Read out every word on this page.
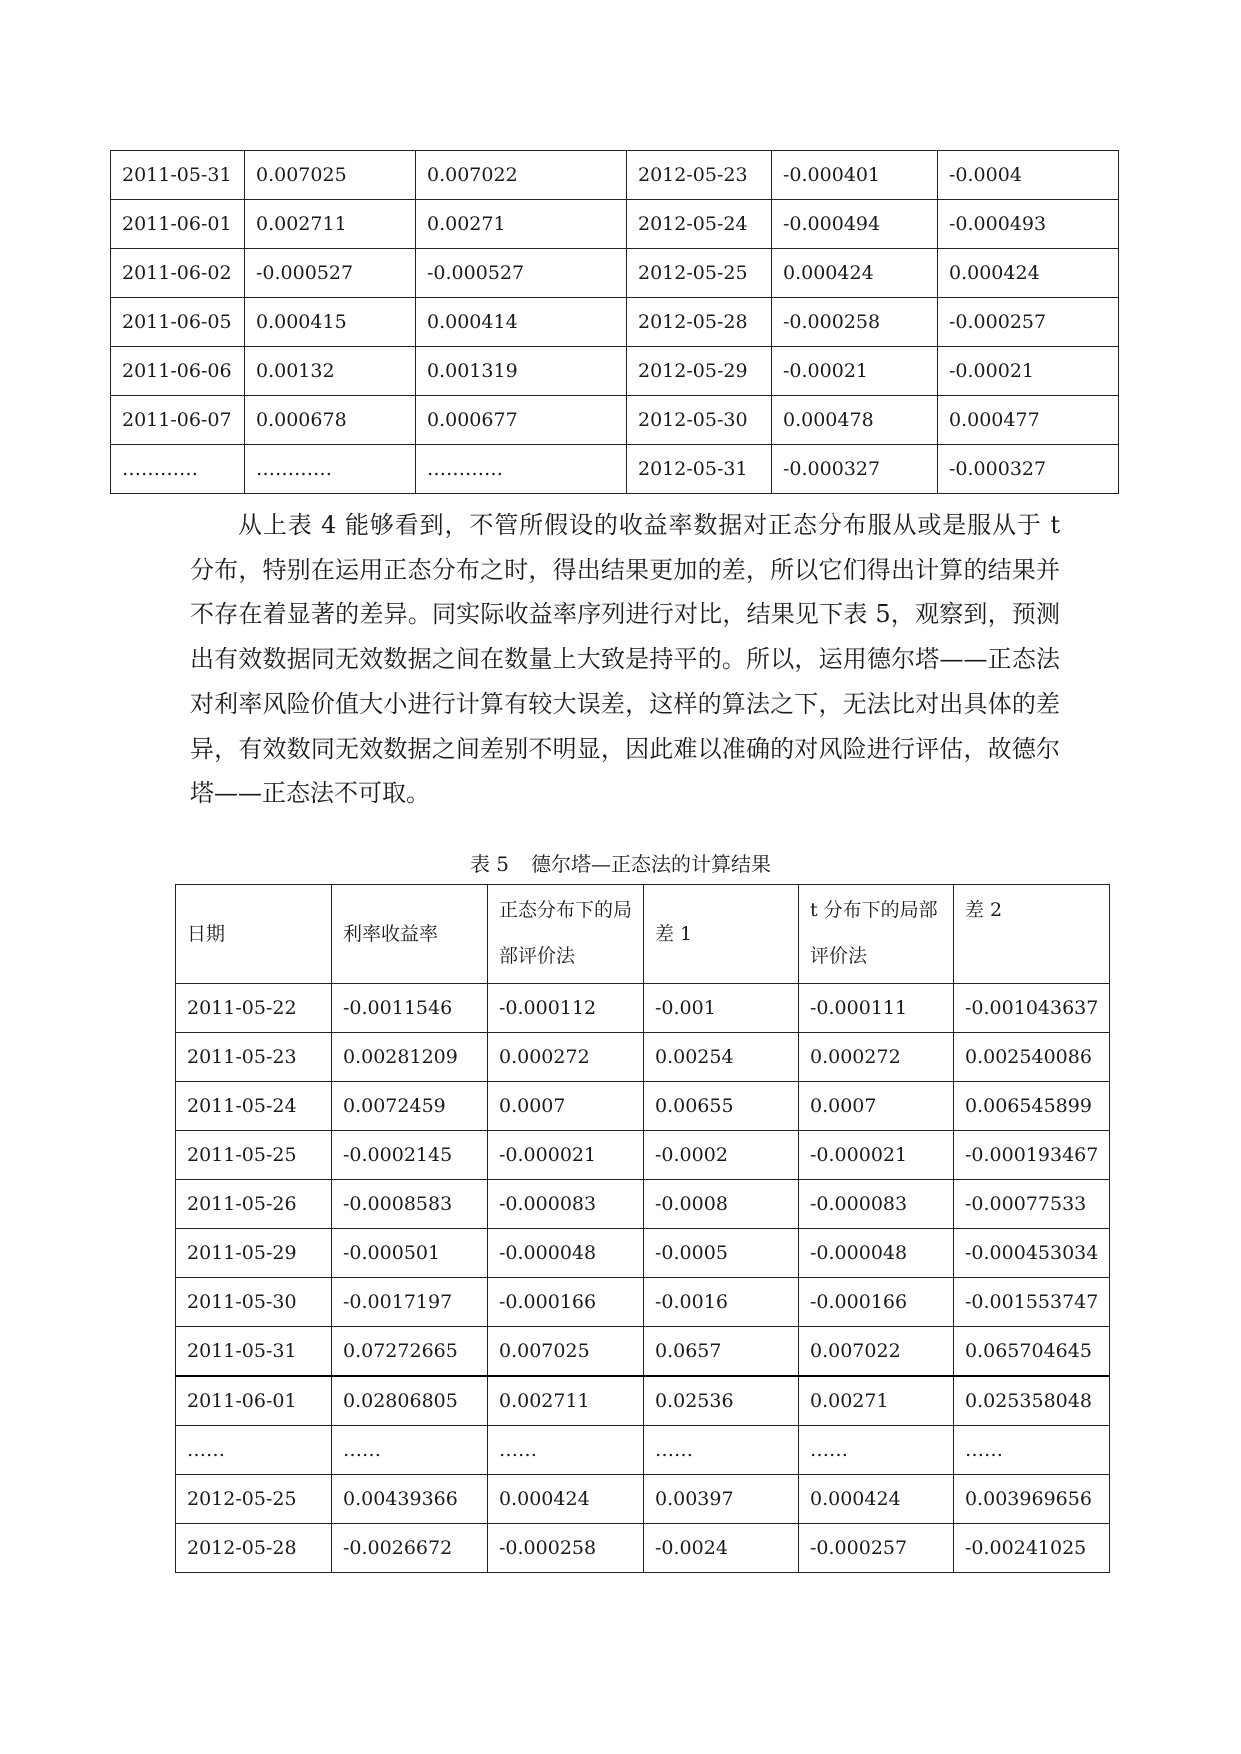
2011-05-31	0.007025	0.007022	2012-05-23	-0.000401	-0.0004
2011-06-01	0.002711	0.00271	2012-05-24	-0.000494	-0.000493
2011-06-02	-0.000527	-0.000527	2012-05-25	0.000424	0.000424
2011-06-05	0.000415	0.000414	2012-05-28	-0.000258	-0.000257
2011-06-06	0.00132	0.001319	2012-05-29	-0.00021	-0.00021
2011-06-07	0.000678	0.000677	2012-05-30	0.000478	0.000477
…………	…………	…………	2012-05-31	-0.000327	-0.000327

从上表 4 能够看到，不管所假设的收益率数据对正态分布服从或是服从于 t 分布，特别在运用正态分布之时，得出结果更加的差，所以它们得出计算的结果并不存在着显著的差异。同实际收益率序列进行对比，结果见下表 5，观察到，预测出有效数据同无效数据之间在数量上大致是持平的。所以，运用德尔塔——正态法对利率风险价值大小进行计算有较大误差，这样的算法之下，无法比对出具体的差异，有效数同无效数据之间差别不明显，因此难以准确的对风险进行评估，故德尔塔——正态法不可取。

表 5 德尔塔—正态法的计算结果
日期	利率收益率	正态分布下的局部评价法	差 1	t 分布下的局部评价法	差 2
2011-05-22	-0.0011546	-0.000112	-0.001	-0.000111	-0.001043637
2011-05-23	0.00281209	0.000272	0.00254	0.000272	0.002540086
2011-05-24	0.0072459	0.0007	0.00655	0.0007	0.006545899
2011-05-25	-0.0002145	-0.000021	-0.0002	-0.000021	-0.000193467
2011-05-26	-0.0008583	-0.000083	-0.0008	-0.000083	-0.00077533
2011-05-29	-0.000501	-0.000048	-0.0005	-0.000048	-0.000453034
2011-05-30	-0.0017197	-0.000166	-0.0016	-0.000166	-0.001553747
2011-05-31	0.07272665	0.007025	0.0657	0.007022	0.065704645
2011-06-01	0.02806805	0.002711	0.02536	0.00271	0.025358048
……	……	……	……	……	……
2012-05-25	0.00439366	0.000424	0.00397	0.000424	0.003969656
2012-05-28	-0.0026672	-0.000258	-0.0024	-0.000257	-0.00241025
